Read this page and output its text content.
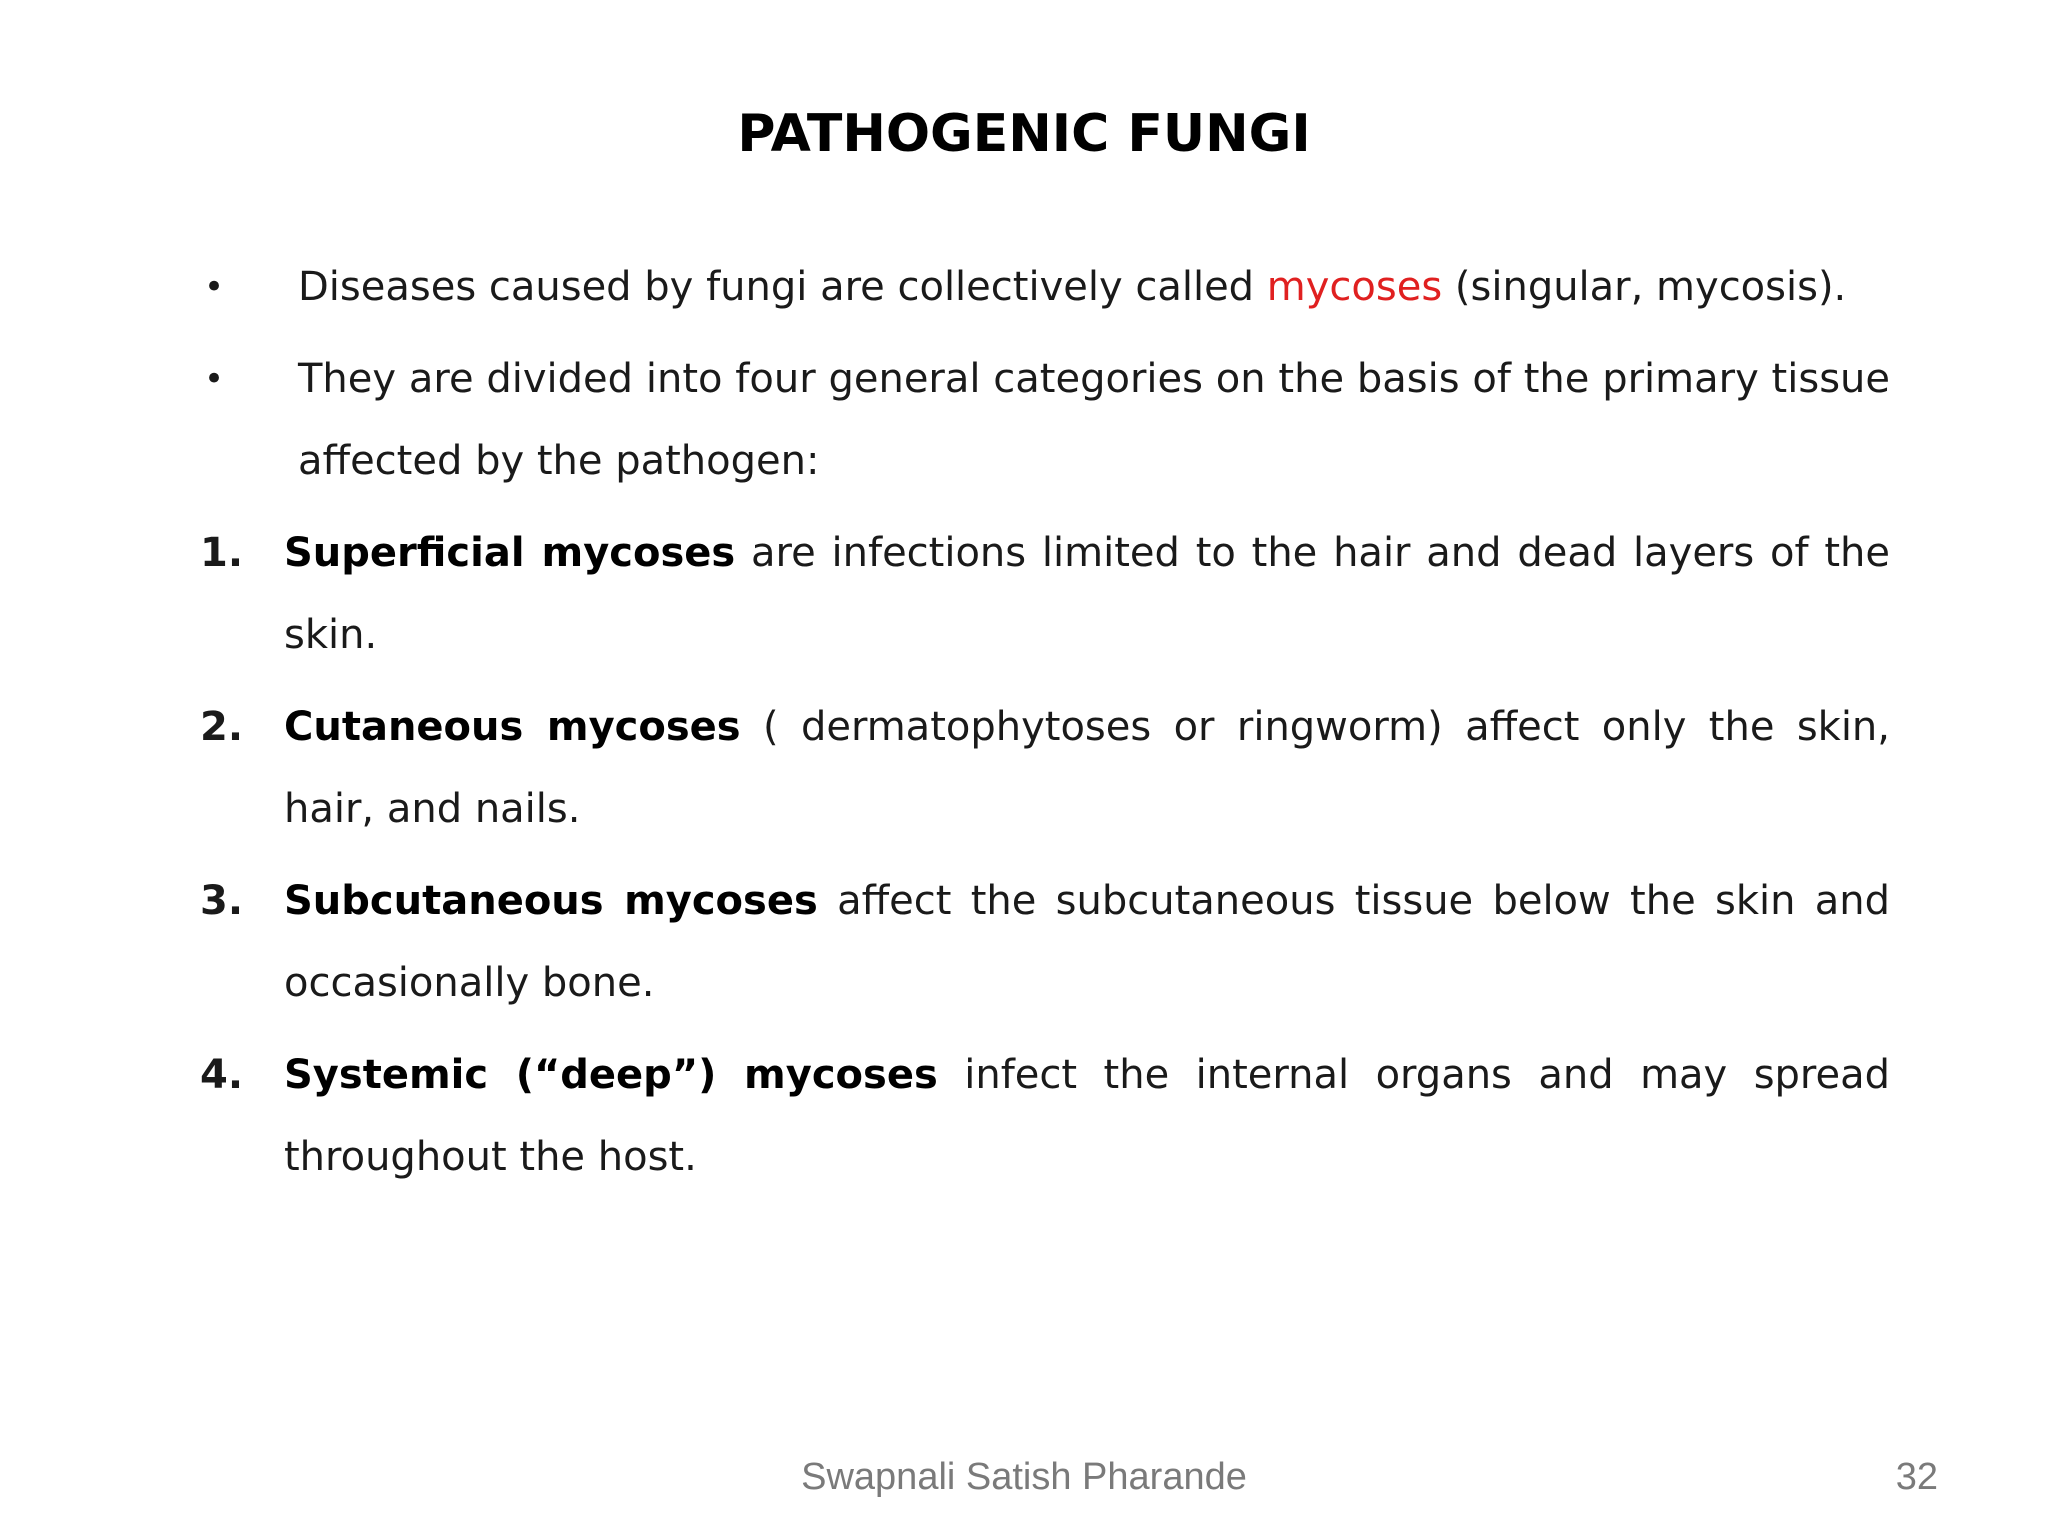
PATHOGENIC FUNGI
• Diseases caused by fungi are collectively called mycoses (singular, mycosis).
• They are divided into four general categories on the basis of the primary tissue affected by the pathogen:
1. Superficial mycoses are infections limited to the hair and dead layers of the skin.
2. Cutaneous mycoses ( dermatophytoses or ringworm) affect only the skin, hair, and nails.
3. Subcutaneous mycoses affect the subcutaneous tissue below the skin and occasionally bone.
4. Systemic (“deep”) mycoses infect the internal organs and may spread throughout the host.
Swapnali Satish Pharande	32
